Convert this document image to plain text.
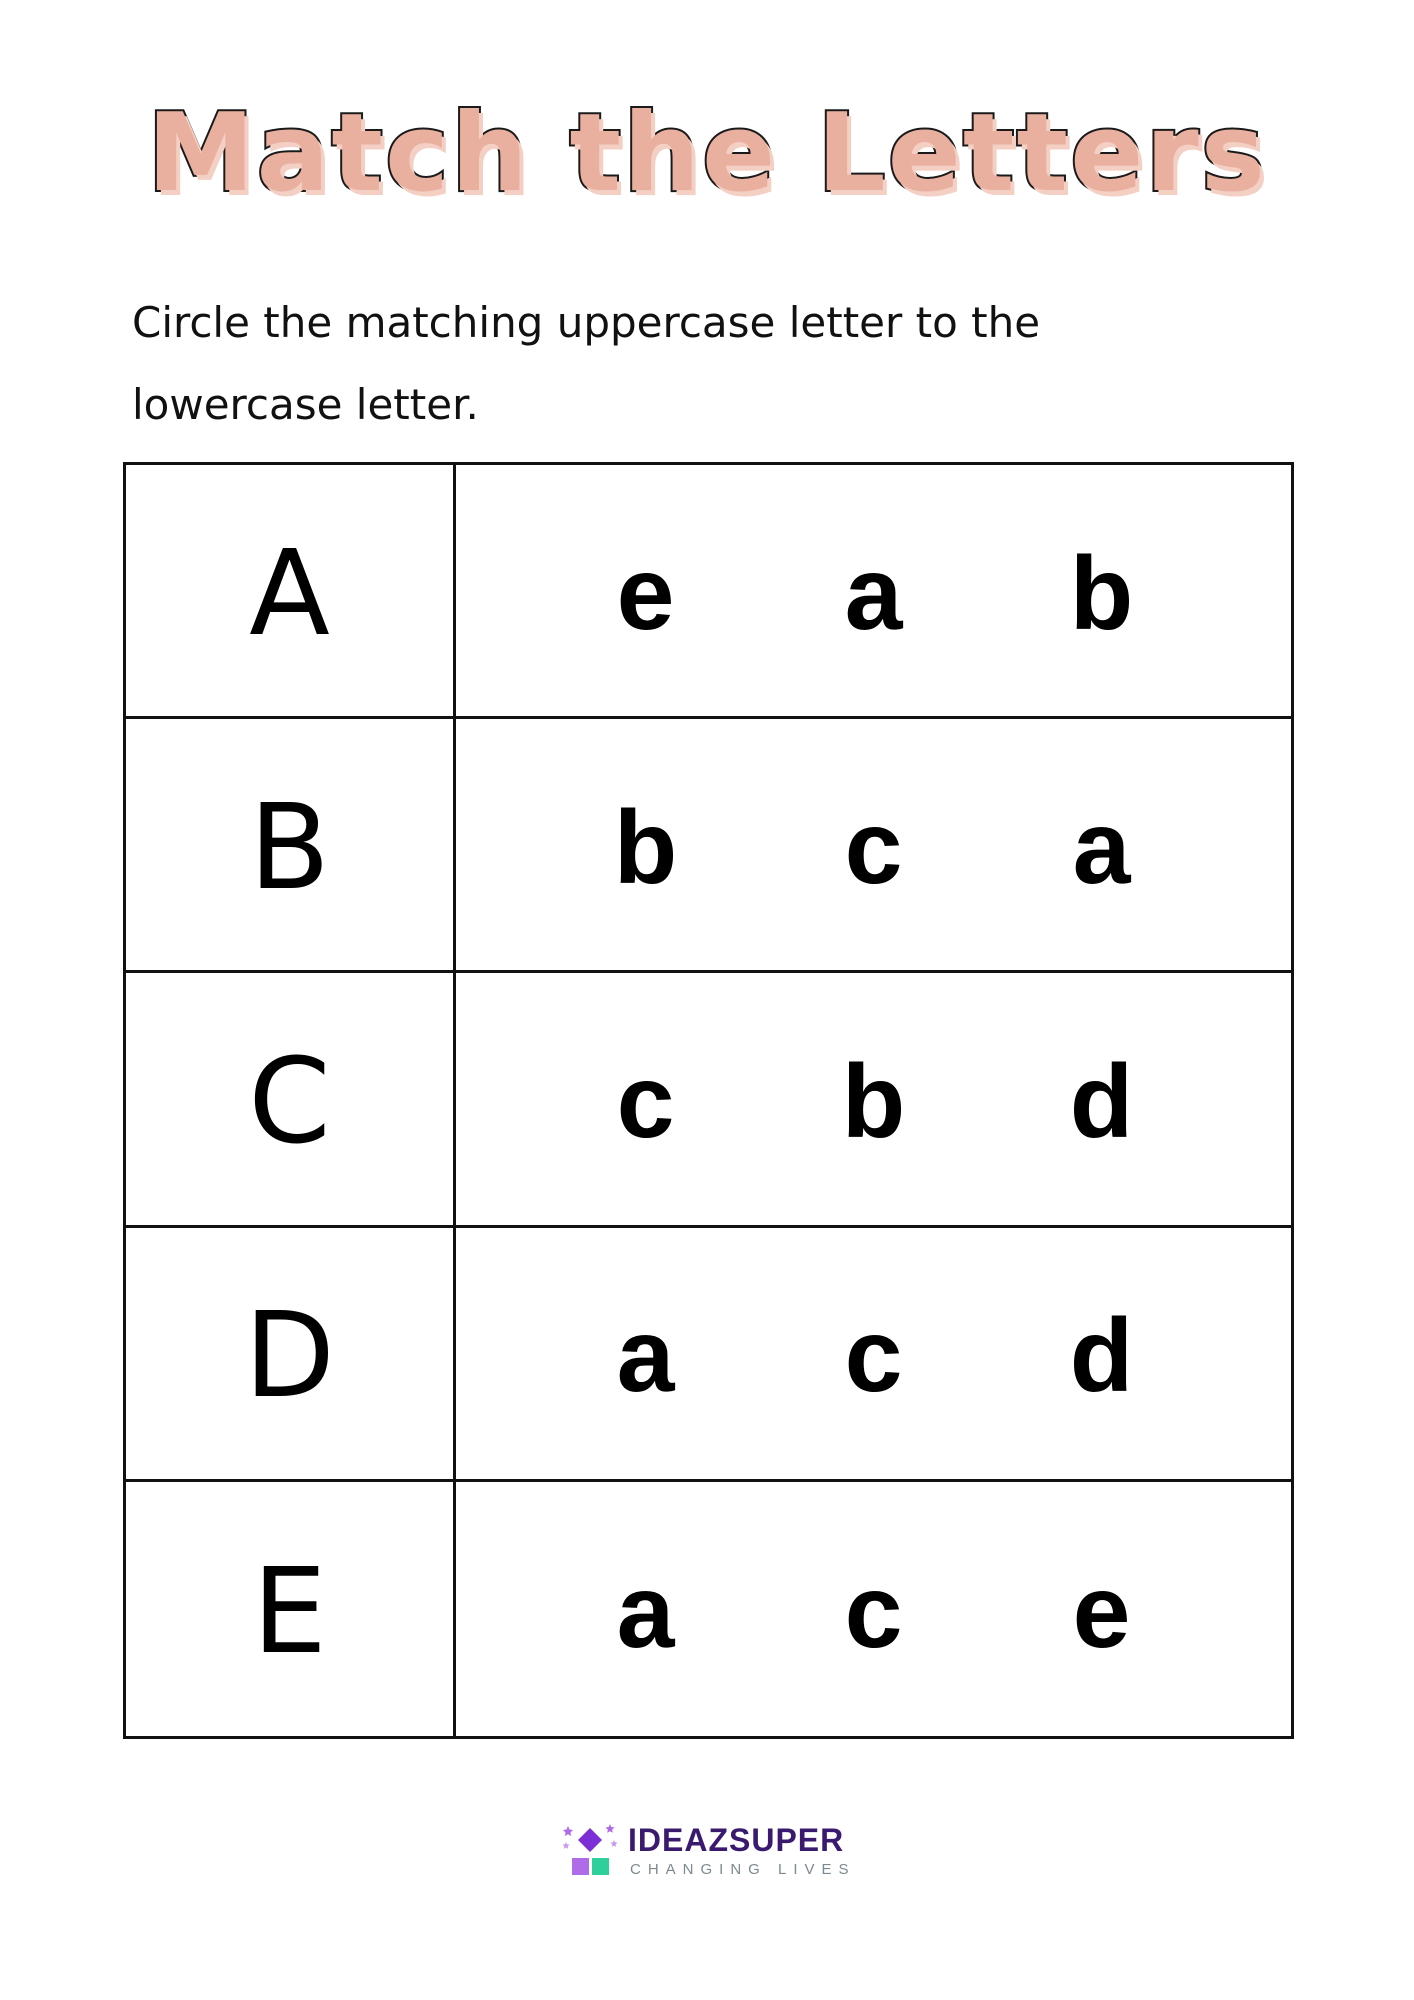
Match the Letters
Circle the matching uppercase letter to the lowercase letter.
A	e	a	b
B	b	c	a
C	c	b	d
D	a	c	d
E	a	c	e
IDEAZSUPER
CHANGING LIVES
